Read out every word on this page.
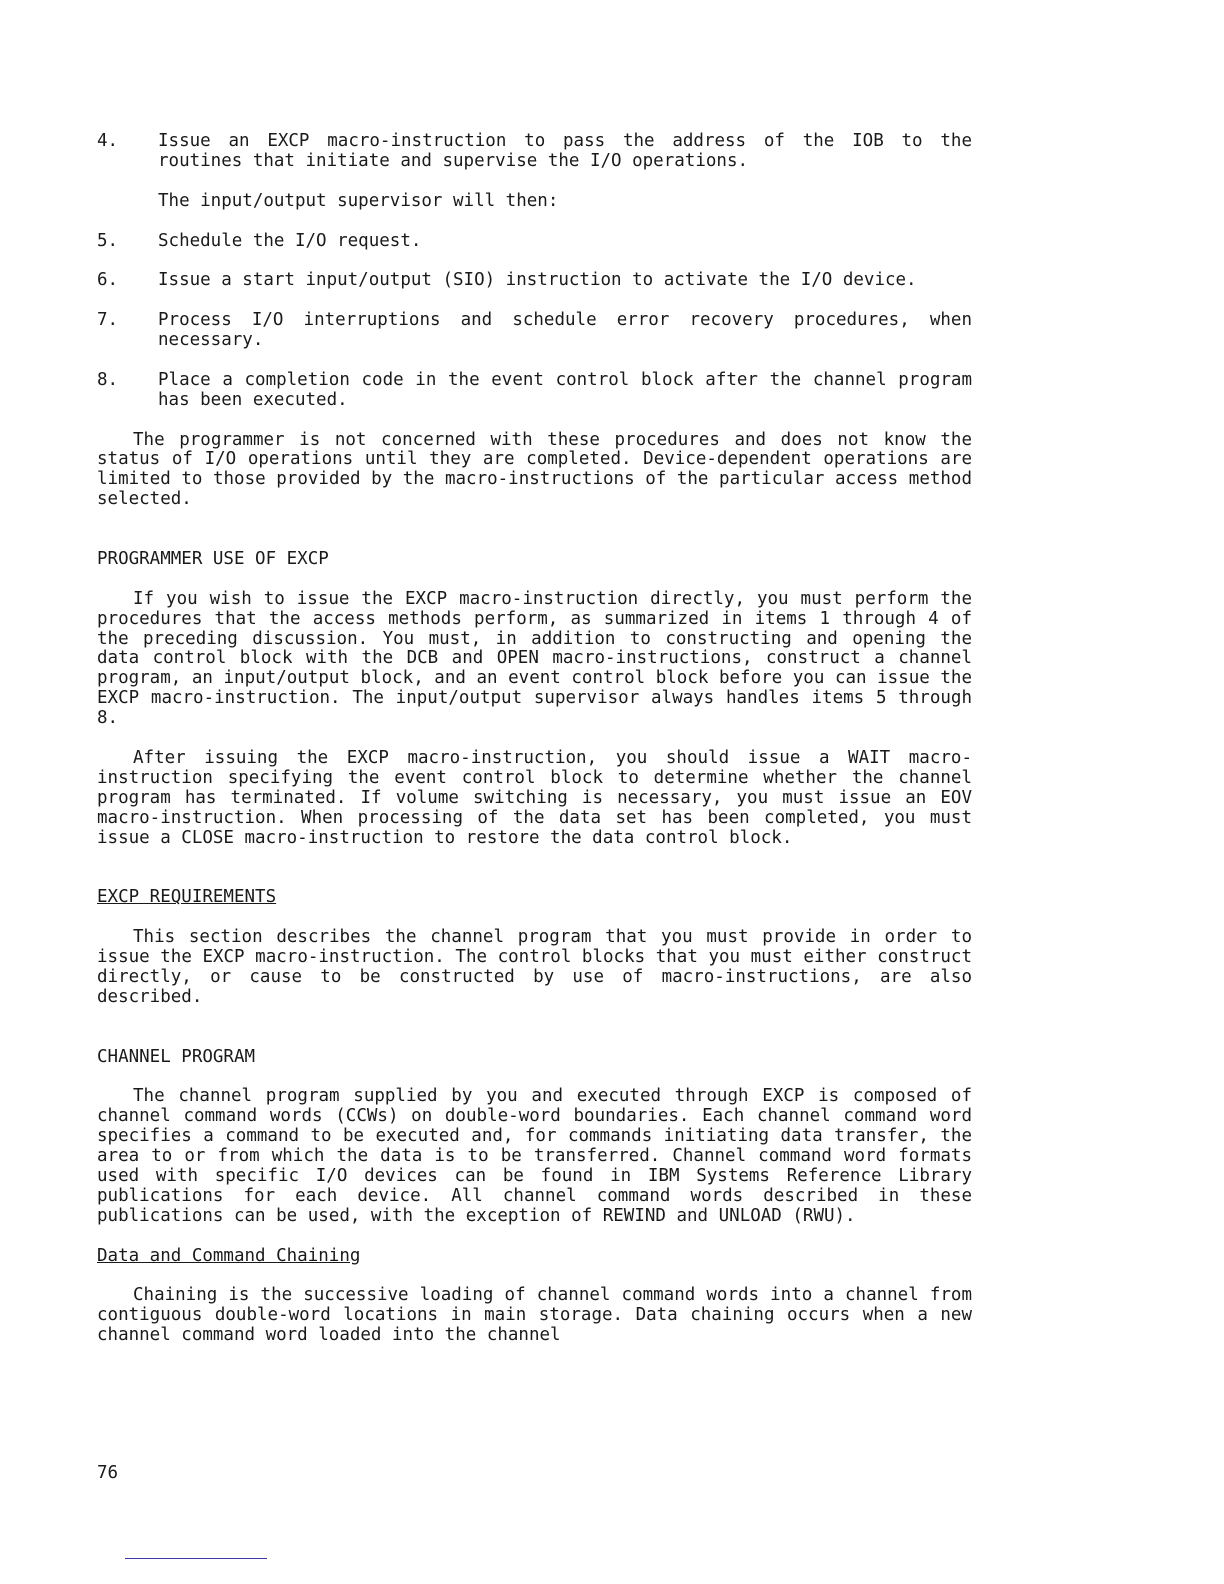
4.	Issue an EXCP macro-instruction to pass the address of the IOB to the routines that initiate and supervise the I/O operations.
The input/output supervisor will then:
5.	Schedule the I/O request.
6.	Issue a start input/output (SIO) instruction to activate the I/O device.
7.	Process I/O interruptions and schedule error recovery procedures, when necessary.
8.	Place a completion code in the event control block after the channel program has been executed.

The programmer is not concerned with these procedures and does not know the status of I/O operations until they are completed. Device-dependent operations are limited to those provided by the macro-instructions of the particular access method selected.

PROGRAMMER USE OF EXCP

If you wish to issue the EXCP macro-instruction directly, you must perform the procedures that the access methods perform, as summarized in items 1 through 4 of the preceding discussion. You must, in addition to constructing and opening the data control block with the DCB and OPEN macro-instructions, construct a channel program, an input/output block, and an event control block before you can issue the EXCP macro-instruction. The input/output supervisor always handles items 5 through 8.

After issuing the EXCP macro-instruction, you should issue a WAIT macro-instruction specifying the event control block to determine whether the channel program has terminated. If volume switching is necessary, you must issue an EOV macro-instruction. When processing of the data set has been completed, you must issue a CLOSE macro-instruction to restore the data control block.

EXCP REQUIREMENTS

This section describes the channel program that you must provide in order to issue the EXCP macro-instruction. The control blocks that you must either construct directly, or cause to be constructed by use of macro-instructions, are also described.

CHANNEL PROGRAM

The channel program supplied by you and executed through EXCP is composed of channel command words (CCWs) on double-word boundaries. Each channel command word specifies a command to be executed and, for commands initiating data transfer, the area to or from which the data is to be transferred. Channel command word formats used with specific I/O devices can be found in IBM Systems Reference Library publications for each device. All channel command words described in these publications can be used, with the exception of REWIND and UNLOAD (RWU).

Data and Command Chaining

Chaining is the successive loading of channel command words into a channel from contiguous double-word locations in main storage. Data chaining occurs when a new channel command word loaded into the channel

76
